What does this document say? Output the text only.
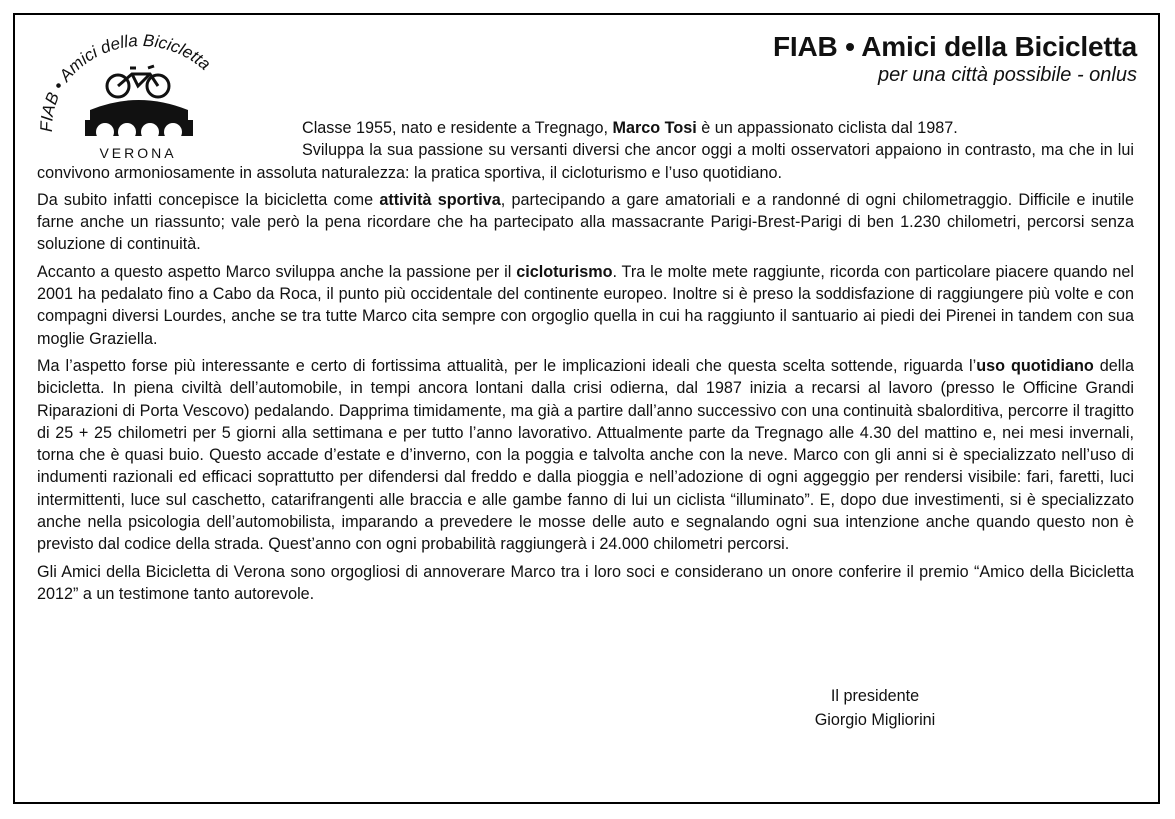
FIAB • Amici della Bicicletta
VERONA
FIAB • Amici della Bicicletta
per una città possibile - onlus

Classe 1955, nato e residente a Tregnago, Marco Tosi è un appassionato ciclista dal 1987.
Sviluppa la sua passione su versanti diversi che ancor oggi a molti osservatori appaiono in contrasto, ma che in lui convivono armoniosamente in assoluta naturalezza: la pratica sportiva, il cicloturismo e l’uso quotidiano.

Da subito infatti concepisce la bicicletta come attività sportiva, partecipando a gare amatoriali e a randonné di ogni chilometraggio. Difficile e inutile farne anche un riassunto; vale però la pena ricordare che ha partecipato alla massacrante Parigi-Brest-Parigi di ben 1.230 chilometri, percorsi senza soluzione di continuità.

Accanto a questo aspetto Marco sviluppa anche la passione per il cicloturismo. Tra le molte mete raggiunte, ricorda con particolare piacere quando nel 2001 ha pedalato fino a Cabo da Roca, il punto più occidentale del continente europeo. Inoltre si è preso la soddisfazione di raggiungere più volte e con compagni diversi Lourdes, anche se tra tutte Marco cita sempre con orgoglio quella in cui ha raggiunto il santuario ai piedi dei Pirenei in tandem con sua moglie Graziella.

Ma l’aspetto forse più interessante e certo di fortissima attualità, per le implicazioni ideali che questa scelta sottende, riguarda l’uso quotidiano della bicicletta. In piena civiltà dell’automobile, in tempi ancora lontani dalla crisi odierna, dal 1987 inizia a recarsi al lavoro (presso le Officine Grandi Riparazioni di Porta Vescovo) pedalando. Dapprima timidamente, ma già a partire dall’anno successivo con una continuità sbalorditiva, percorre il tragitto di 25 + 25 chilometri per 5 giorni alla settimana e per tutto l’anno lavorativo. Attualmente parte da Tregnago alle 4.30 del mattino e, nei mesi invernali, torna che è quasi buio. Questo accade d’estate e d’inverno, con la poggia e talvolta anche con la neve. Marco con gli anni si è specializzato nell’uso di indumenti razionali ed efficaci soprattutto per difendersi dal freddo e dalla pioggia e nell’adozione di ogni aggeggio per rendersi visibile: fari, faretti, luci intermittenti, luce sul caschetto, catarifrangenti alle braccia e alle gambe fanno di lui un ciclista “illuminato”. E, dopo due investimenti, si è specializzato anche nella psicologia dell’automobilista, imparando a prevedere le mosse delle auto e segnalando ogni sua intenzione anche quando questo non è previsto dal codice della strada. Quest’anno con ogni probabilità raggiungerà i 24.000 chilometri percorsi.

Gli Amici della Bicicletta di Verona sono orgogliosi di annoverare Marco tra i loro soci e considerano un onore conferire il premio “Amico della Bicicletta 2012” a un testimone tanto autorevole.

Il presidente
Giorgio Migliorini
